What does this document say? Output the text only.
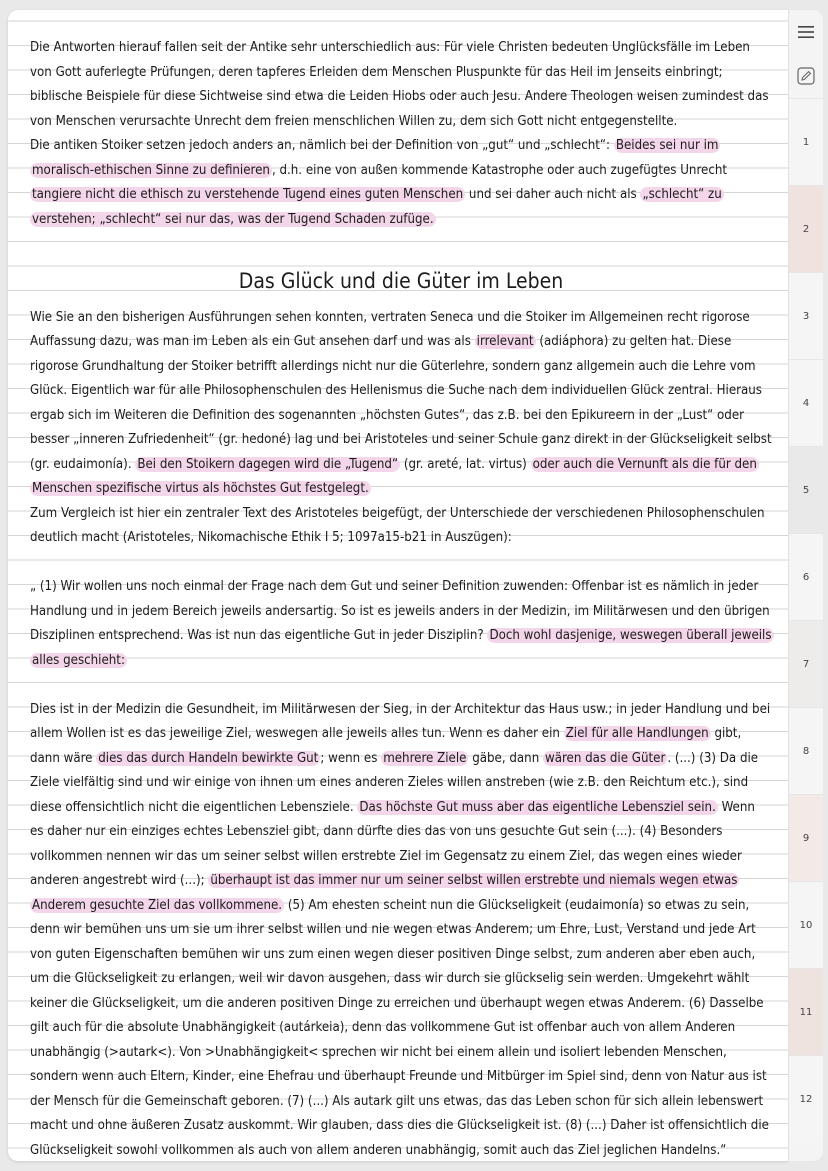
Die Antworten hierauf fallen seit der Antike sehr unterschiedlich aus: Für viele Christen bedeuten Unglücksfälle im Leben von Gott auferlegte Prüfungen, deren tapferes Erleiden dem Menschen Pluspunkte für das Heil im Jenseits einbringt; biblische Beispiele für diese Sichtweise sind etwa die Leiden Hiobs oder auch Jesu. Andere Theologen weisen zumindest das von Menschen verursachte Unrecht dem freien menschlichen Willen zu, dem sich Gott nicht entgegenstellte.

Die antiken Stoiker setzen jedoch anders an, nämlich bei der Definition von „gut“ und „schlecht“: Beides sei nur im moralisch-ethischen Sinne zu definieren , d.h. eine von außen kommende Katastrophe oder auch zugefügtes Unrecht tangiere nicht die ethisch zu verstehende Tugend eines guten Menschen und sei daher auch nicht als „schlecht“ zu verstehen; „schlecht“ sei nur das, was der Tugend Schaden zufüge.

Das Glück und die Güter im Leben

Wie Sie an den bisherigen Ausführungen sehen konnten, vertraten Seneca und die Stoiker im Allgemeinen recht rigorose Auffassung dazu, was man im Leben als ein Gut ansehen darf und was als irrelevant (adiáphora) zu gelten hat. Diese rigorose Grundhaltung der Stoiker betrifft allerdings nicht nur die Güterlehre, sondern ganz allgemein auch die Lehre vom Glück. Eigentlich war für alle Philosophenschulen des Hellenismus die Suche nach dem individuellen Glück zentral. Hieraus ergab sich im Weiteren die Definition des sogenannten „höchsten Gutes“, das z.B. bei den Epikureern in der „Lust“ oder besser „inneren Zufriedenheit“ (gr. hedoné) lag und bei Aristoteles und seiner Schule ganz direkt in der Glückseligkeit selbst (gr. eudaimonía). Bei den Stoikern dagegen wird die „Tugend“ (gr. areté, lat. virtus) oder auch die Vernunft als die für den Menschen spezifische virtus als höchstes Gut festgelegt.

Zum Vergleich ist hier ein zentraler Text des Aristoteles beigefügt, der Unterschiede der verschiedenen Philosophenschulen deutlich macht (Aristoteles, Nikomachische Ethik I 5; 1097a15-b21 in Auszügen):

„ (1) Wir wollen uns noch einmal der Frage nach dem Gut und seiner Definition zuwenden: Offenbar ist es nämlich in jeder Handlung und in jedem Bereich jeweils andersartig. So ist es jeweils anders in der Medizin, im Militärwesen und den übrigen Disziplinen entsprechend. Was ist nun das eigentliche Gut in jeder Disziplin? Doch wohl dasjenige, weswegen überall jeweils alles geschieht:

Dies ist in der Medizin die Gesundheit, im Militärwesen der Sieg, in der Architektur das Haus usw.; in jeder Handlung und bei allem Wollen ist es das jeweilige Ziel, weswegen alle jeweils alles tun. Wenn es daher ein Ziel für alle Handlungen gibt, dann wäre dies das durch Handeln bewirkte Gut ; wenn es mehrere Ziele gäbe, dann wären das die Güter . (...) (3) Da die Ziele vielfältig sind und wir einige von ihnen um eines anderen Zieles willen anstreben (wie z.B. den Reichtum etc.), sind diese offensichtlich nicht die eigentlichen Lebensziele. Das höchste Gut muss aber das eigentliche Lebensziel sein. Wenn es daher nur ein einziges echtes Lebensziel gibt, dann dürfte dies das von uns gesuchte Gut sein (...). (4) Besonders vollkommen nennen wir das um seiner selbst willen erstrebte Ziel im Gegensatz zu einem Ziel, das wegen eines wieder anderen angestrebt wird (...); überhaupt ist das immer nur um seiner selbst willen erstrebte und niemals wegen etwas Anderem gesuchte Ziel das vollkommene. (5) Am ehesten scheint nun die Glückseligkeit (eudaimonía) so etwas zu sein, denn wir bemühen uns um sie um ihrer selbst willen und nie wegen etwas Anderem; um Ehre, Lust, Verstand und jede Art von guten Eigenschaften bemühen wir uns zum einen wegen dieser positiven Dinge selbst, zum anderen aber eben auch, um die Glückseligkeit zu erlangen, weil wir davon ausgehen, dass wir durch sie glückselig sein werden. Umgekehrt wählt keiner die Glückseligkeit, um die anderen positiven Dinge zu erreichen und überhaupt wegen etwas Anderem. (6) Dasselbe gilt auch für die absolute Unabhängigkeit (autárkeia), denn das vollkommene Gut ist offenbar auch von allem Anderen unabhängig (>autark<). Von >Unabhängigkeit< sprechen wir nicht bei einem allein und isoliert lebenden Menschen, sondern wenn auch Eltern, Kinder, eine Ehefrau und überhaupt Freunde und Mitbürger im Spiel sind, denn von Natur aus ist der Mensch für die Gemeinschaft geboren. (7) (...) Als autark gilt uns etwas, das das Leben schon für sich allein lebenswert macht und ohne äußeren Zusatz auskommt. Wir glauben, dass dies die Glückseligkeit ist. (8) (...) Daher ist offensichtlich die Glückseligkeit sowohl vollkommen als auch von allem anderen unabhängig, somit auch das Ziel jeglichen Handelns.“

1
2
3
4
5
6
7
8
9
10
11
12
